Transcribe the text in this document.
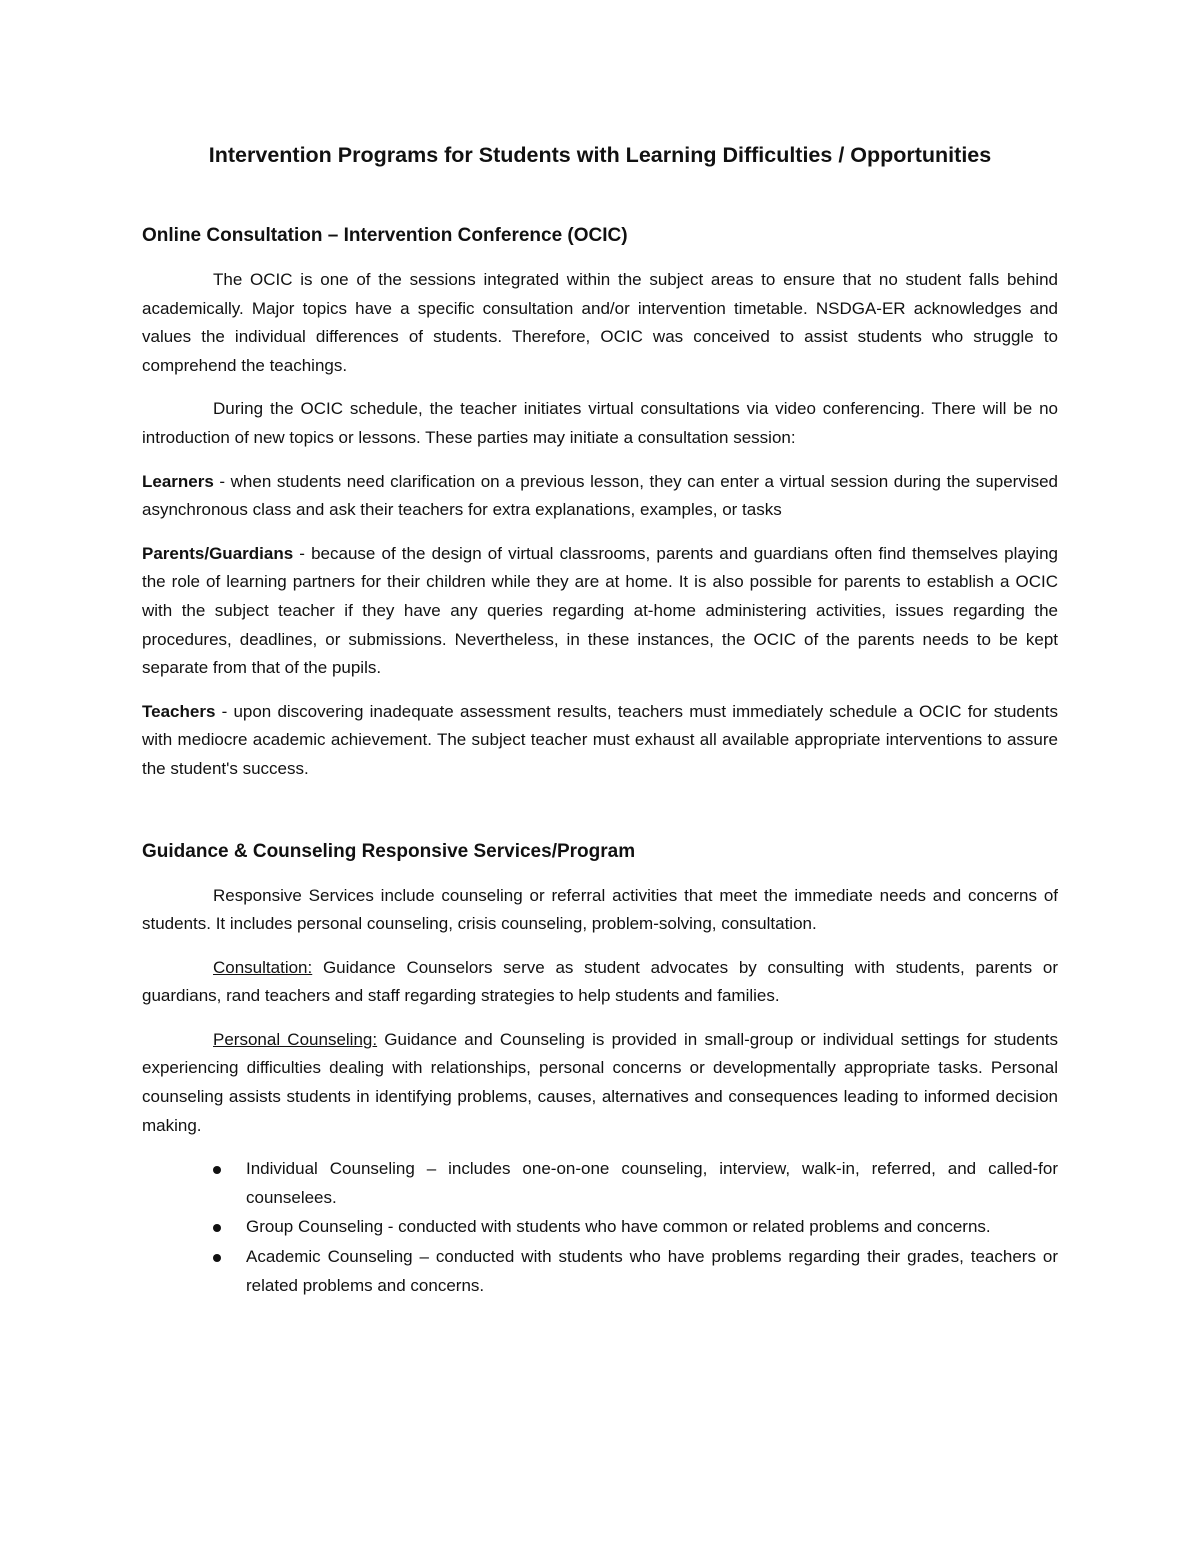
Intervention Programs for Students with Learning Difficulties / Opportunities
Online Consultation – Intervention Conference (OCIC)

The OCIC is one of the sessions integrated within the subject areas to ensure that no student falls behind academically. Major topics have a specific consultation and/or intervention timetable. NSDGA-ER acknowledges and values the individual differences of students. Therefore, OCIC was conceived to assist students who struggle to comprehend the teachings.

During the OCIC schedule, the teacher initiates virtual consultations via video conferencing. There will be no introduction of new topics or lessons. These parties may initiate a consultation session:

Learners - when students need clarification on a previous lesson, they can enter a virtual session during the supervised asynchronous class and ask their teachers for extra explanations, examples, or tasks

Parents/Guardians - because of the design of virtual classrooms, parents and guardians often find themselves playing the role of learning partners for their children while they are at home. It is also possible for parents to establish a OCIC with the subject teacher if they have any queries regarding at-home administering activities, issues regarding the procedures, deadlines, or submissions. Nevertheless, in these instances, the OCIC of the parents needs to be kept separate from that of the pupils.

Teachers - upon discovering inadequate assessment results, teachers must immediately schedule a OCIC for students with mediocre academic achievement. The subject teacher must exhaust all available appropriate interventions to assure the student's success.

Guidance & Counseling Responsive Services/Program

Responsive Services include counseling or referral activities that meet the immediate needs and concerns of students. It includes personal counseling, crisis counseling, problem-solving, consultation.

Consultation: Guidance Counselors serve as student advocates by consulting with students, parents or guardians, rand teachers and staff regarding strategies to help students and families.

Personal Counseling: Guidance and Counseling is provided in small-group or individual settings for students experiencing difficulties dealing with relationships, personal concerns or developmentally appropriate tasks. Personal counseling assists students in identifying problems, causes, alternatives and consequences leading to informed decision making.

Individual Counseling – includes one-on-one counseling, interview, walk-in, referred, and called-for counselees.
Group Counseling - conducted with students who have common or related problems and concerns.
Academic Counseling – conducted with students who have problems regarding their grades, teachers or related problems and concerns.
